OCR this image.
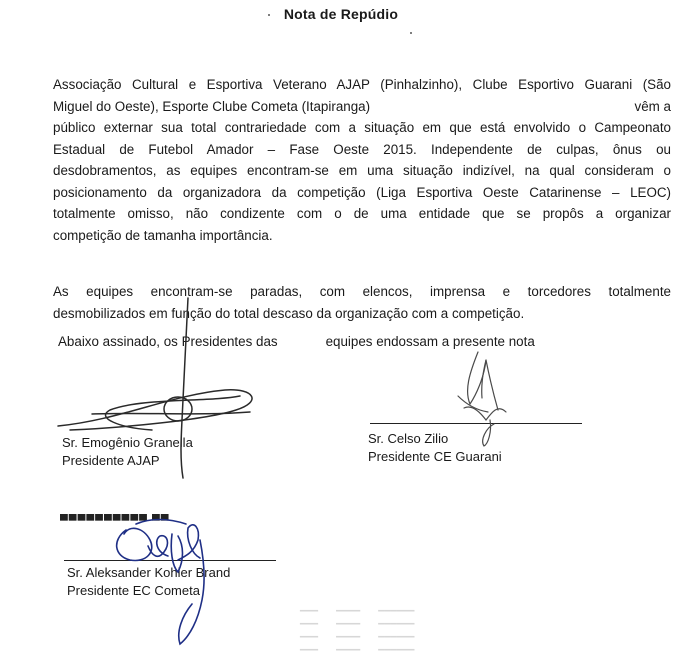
Nota de Repúdio
Associação Cultural e Esportiva Veterano AJAP (Pinhalzinho), Clube Esportivo Guarani (São
Miguel do Oeste), Esporte Clube Cometa (Itapiranga)	vêm a
público externar sua total contrariedade com a situação em que está envolvido o Campeonato
Estadual de Futebol Amador – Fase Oeste 2015. Independente de culpas, ônus ou
desdobramentos, as equipes encontram-se em uma situação indizível, na qual consideram o
posicionamento da organizadora da competição (Liga Esportiva Oeste Catarinense – LEOC)
totalmente omisso, não condizente com o de uma entidade que se propôs a organizar
competição de tamanha importância.
As equipes encontram-se paradas, com elencos, imprensa e torcedores totalmente
desmobilizados em função do total descaso da organização com a competição.
Abaixo assinado, os Presidentes das	equipes endossam a presente nota
Sr. Emogênio Granella
Presidente AJAP
Sr. Celso Zilio
Presidente CE Guarani
Sr. Aleksander Kohler Brand
Presidente EC Cometa
▀▀▀▀▀▀▀▀▀▀ ▀▀
▁▁▁   ▁▁▁▁   ▁▁▁▁▁▁
▁▁▁   ▁▁▁▁   ▁▁▁▁▁▁
▁▁▁   ▁▁▁▁   ▁▁▁▁▁▁
▁▁▁   ▁▁▁▁   ▁▁▁▁▁▁
